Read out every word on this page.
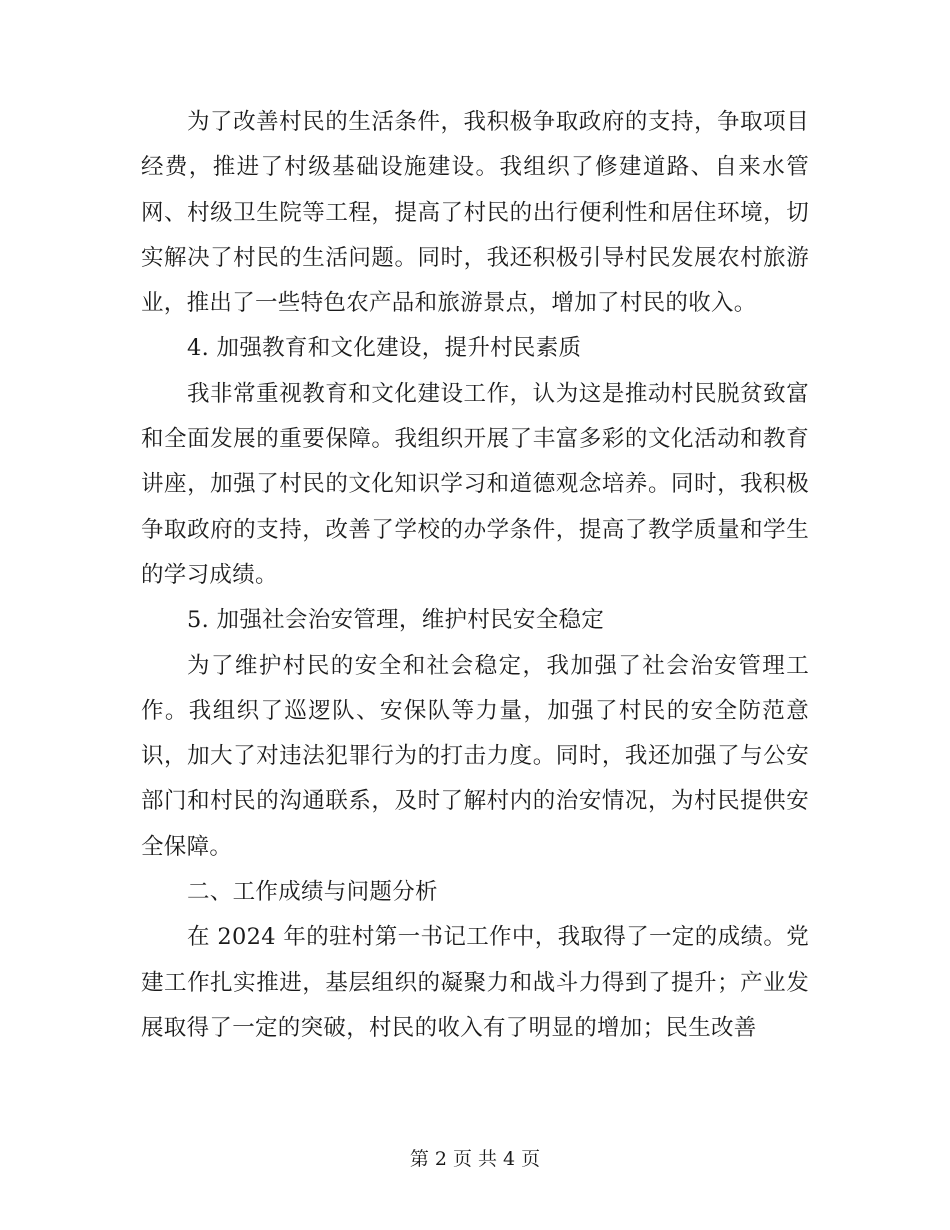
为了改善村民的生活条件，我积极争取政府的支持，争取项目经费，推进了村级基础设施建设。我组织了修建道路、自来水管网、村级卫生院等工程，提高了村民的出行便利性和居住环境，切实解决了村民的生活问题。同时，我还积极引导村民发展农村旅游业，推出了一些特色农产品和旅游景点，增加了村民的收入。

4. 加强教育和文化建设，提升村民素质

我非常重视教育和文化建设工作，认为这是推动村民脱贫致富和全面发展的重要保障。我组织开展了丰富多彩的文化活动和教育讲座，加强了村民的文化知识学习和道德观念培养。同时，我积极争取政府的支持，改善了学校的办学条件，提高了教学质量和学生的学习成绩。

5. 加强社会治安管理，维护村民安全稳定

为了维护村民的安全和社会稳定，我加强了社会治安管理工作。我组织了巡逻队、安保队等力量，加强了村民的安全防范意识，加大了对违法犯罪行为的打击力度。同时，我还加强了与公安部门和村民的沟通联系，及时了解村内的治安情况，为村民提供安全保障。

二、工作成绩与问题分析

在 2024 年的驻村第一书记工作中，我取得了一定的成绩。党建工作扎实推进，基层组织的凝聚力和战斗力得到了提升；产业发展取得了一定的突破，村民的收入有了明显的增加；民生改善

第 2 页 共 4 页
